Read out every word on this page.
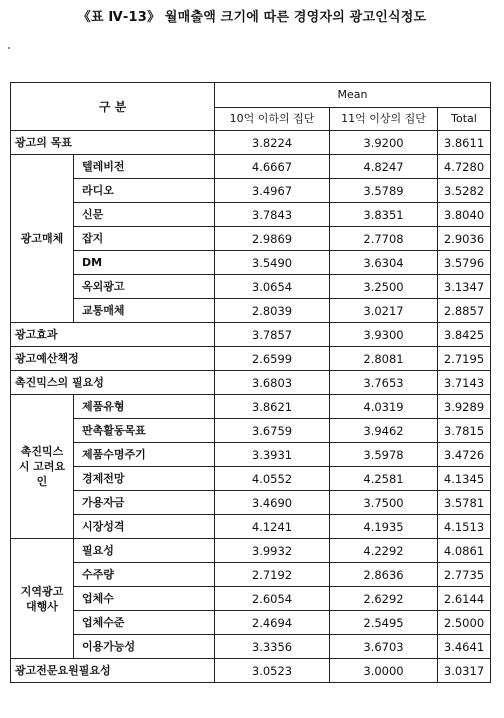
《표 Ⅳ-13》 월매출액 크기에 따른 경영자의 광고인식정도
구 분		Mean		
		10억 이하의 집단	11억 이상의 집단	Total
광고의 목표		3.8224	3.9200	3.8611
광고매체	텔레비전	4.6667	4.8247	4.7280
	라디오	3.4967	3.5789	3.5282
	신문	3.7843	3.8351	3.8040
	잡지	2.9869	2.7708	2.9036
	DM	3.5490	3.6304	3.5796
	옥외광고	3.0654	3.2500	3.1347
	교통매체	2.8039	3.0217	2.8857
광고효과		3.7857	3.9300	3.8425
광고예산책정		2.6599	2.8081	2.7195
촉진믹스의 필요성		3.6803	3.7653	3.7143
촉진믹스 시 고려요인	제품유형	3.8621	4.0319	3.9289
	판촉활동목표	3.6759	3.9462	3.7815
	제품수명주기	3.3931	3.5978	3.4726
	경제전망	4.0552	4.2581	4.1345
	가용자금	3.4690	3.7500	3.5781
	시장성격	4.1241	4.1935	4.1513
지역광고 대행사	필요성	3.9932	4.2292	4.0861
	수주량	2.7192	2.8636	2.7735
	업체수	2.6054	2.6292	2.6144
	업체수준	2.4694	2.5495	2.5000
	이용가능성	3.3356	3.6703	3.4641
광고전문요원필요성		3.0523	3.0000	3.0317
